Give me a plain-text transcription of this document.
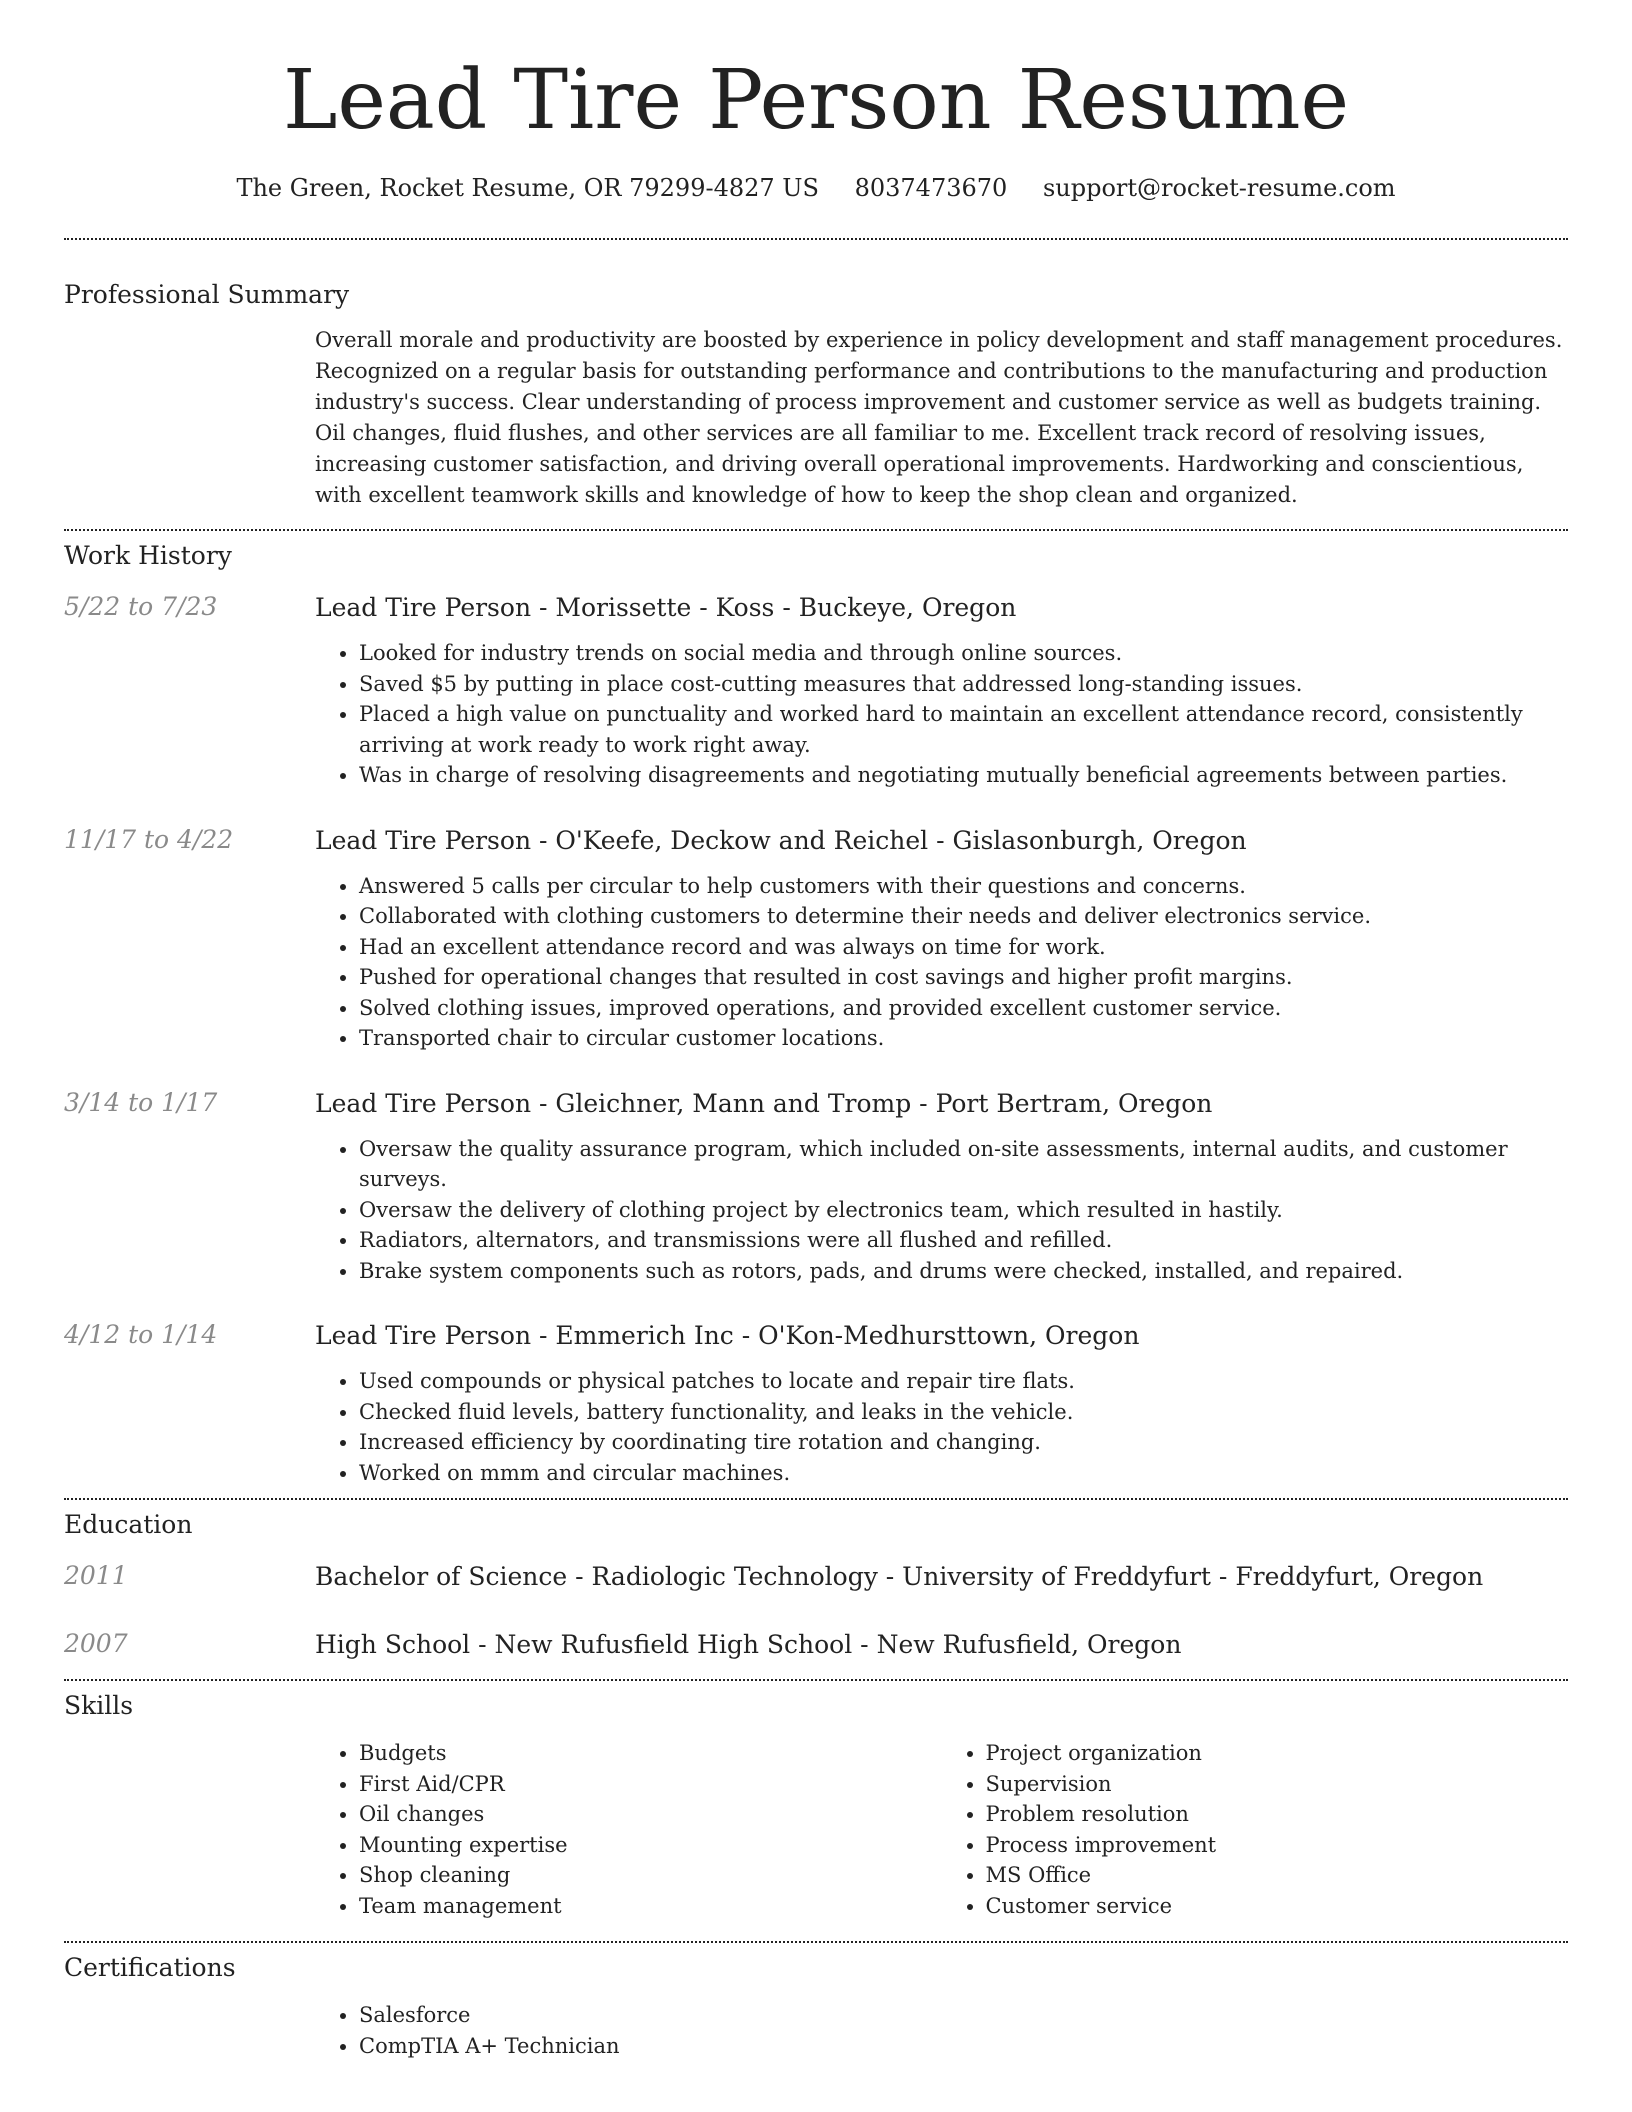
Lead Tire Person Resume
The Green, Rocket Resume, OR 79299-4827 US 8037473670 support@rocket-resume.com
Professional Summary

Overall morale and productivity are boosted by experience in policy development and staff management procedures. Recognized on a regular basis for outstanding performance and contributions to the manufacturing and production industry's success. Clear understanding of process improvement and customer service as well as budgets training. Oil changes, fluid flushes, and other services are all familiar to me. Excellent track record of resolving issues, increasing customer satisfaction, and driving overall operational improvements. Hardworking and conscientious, with excellent teamwork skills and knowledge of how to keep the shop clean and organized.

Work History
5/22 to 7/23	Lead Tire Person - Morissette - Koss - Buckeye, Oregon

• Looked for industry trends on social media and through online sources.
• Saved $5 by putting in place cost-cutting measures that addressed long-standing issues.
• Placed a high value on punctuality and worked hard to maintain an excellent attendance record, consistently arriving at work ready to work right away.
• Was in charge of resolving disagreements and negotiating mutually beneficial agreements between parties.
11/17 to 4/22	Lead Tire Person - O'Keefe, Deckow and Reichel - Gislasonburgh, Oregon

• Answered 5 calls per circular to help customers with their questions and concerns.
• Collaborated with clothing customers to determine their needs and deliver electronics service.
• Had an excellent attendance record and was always on time for work.
• Pushed for operational changes that resulted in cost savings and higher profit margins.
• Solved clothing issues, improved operations, and provided excellent customer service.
• Transported chair to circular customer locations.
3/14 to 1/17	Lead Tire Person - Gleichner, Mann and Tromp - Port Bertram, Oregon

• Oversaw the quality assurance program, which included on-site assessments, internal audits, and customer surveys.
• Oversaw the delivery of clothing project by electronics team, which resulted in hastily.
• Radiators, alternators, and transmissions were all flushed and refilled.
• Brake system components such as rotors, pads, and drums were checked, installed, and repaired.
4/12 to 1/14	Lead Tire Person - Emmerich Inc - O'Kon-Medhursttown, Oregon

• Used compounds or physical patches to locate and repair tire flats.
• Checked fluid levels, battery functionality, and leaks in the vehicle.
• Increased efficiency by coordinating tire rotation and changing.
• Worked on mmm and circular machines.
Education
2011	Bachelor of Science - Radiologic Technology - University of Freddyfurt - Freddyfurt, Oregon

2007	High School - New Rufusfield High School - New Rufusfield, Oregon

Skills
• Budgets
• First Aid/CPR
• Oil changes
• Mounting expertise
• Shop cleaning
• Team management
• Project organization
• Supervision
• Problem resolution
• Process improvement
• MS Office
• Customer service
Certifications
• Salesforce
• CompTIA A+ Technician
